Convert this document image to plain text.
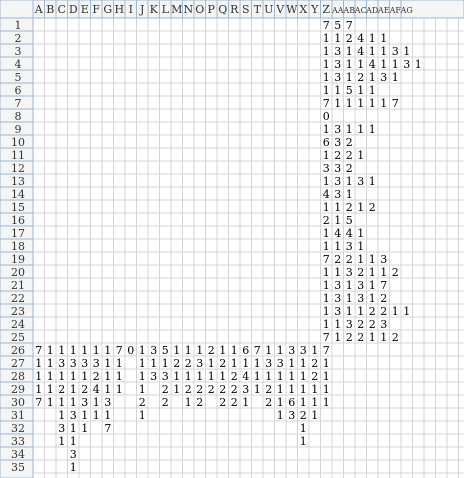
A B C D E F G H I J K L M N O P Q R S T U V W X Y Z AA AB AC AD AE AF AG
1
2
3
4
5
6
7
8
9
10
11
12
13
14
15
16
17
18
19
20
21
22
23
24
25
26
27
28
29
30
31
32
33
34
35
7 5 7
1 1 2 4 1 1
1 3 1 4 1 1 3 1
1 3 1 1 4 1 1 3 1
1 3 1 2 1 3 1
1 1 5 1 1
7 1 1 1 1 1 7
0
1 3 1 1 1
6 3 2
1 2 2 1
3 3 2
1 3 1 3 1
4 3 1
1 1 2 1 2
2 1 5
1 4 4 1
1 1 3 1
7 2 2 1 1 3
1 1 3 2 1 1 2
1 3 1 3 1 7
1 3 1 3 1 2
1 3 1 1 2 2 1 1
1 1 3 2 2 3
7 1 2 2 1 1 2
7
1
1
1
7
1
1
1
1
1
1
3
1
2
1
1
3
1
1
3
1
1
1
3
1
1
3
1
1
3
1
2
3
1
1
1
3
2
4
1
1
1
1
1
1
3
1
7
7
1
1
1
0 1
1
1
1
2
1
3
1
3
5
1
3
2
2
1
2
1
1
1
2
1
2
1
1
3
1
2
2
2
1
1
2
1
2
1
2
2
1
1
2
2
2
6
1
4
3
1
7
1
1
1
1
3
1
2
2
1
3
1
1
1
1
3
1
1
1
6
3
3
1
1
1
1
2
1
1
1
2
2
1
1
1
7
1
1
1
1
